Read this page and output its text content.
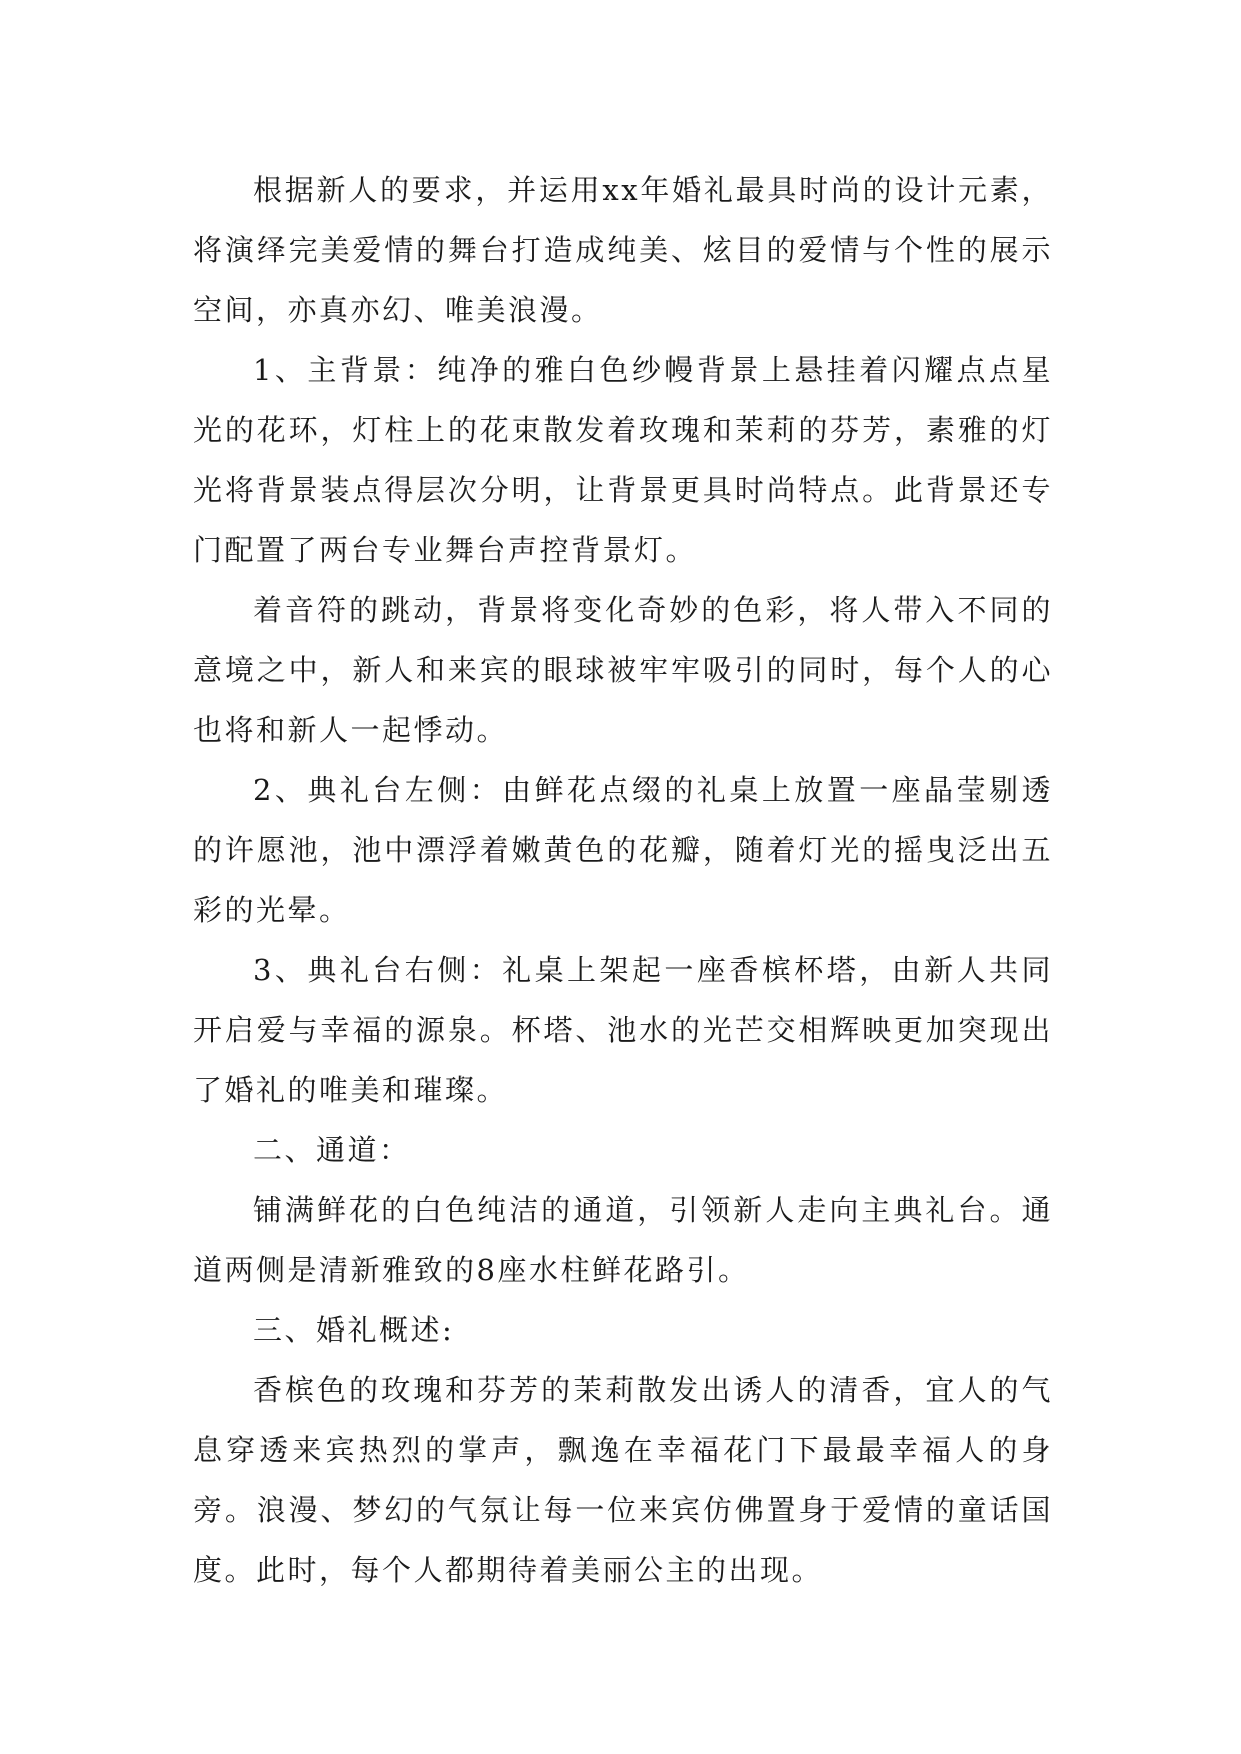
根据新人的要求，并运用xx年婚礼最具时尚的设计元素，将演绎完美爱情的舞台打造成纯美、炫目的爱情与个性的展示空间，亦真亦幻、唯美浪漫。

1、主背景：纯净的雅白色纱幔背景上悬挂着闪耀点点星光的花环，灯柱上的花束散发着玫瑰和茉莉的芬芳，素雅的灯光将背景装点得层次分明，让背景更具时尚特点。此背景还专门配置了两台专业舞台声控背景灯。

着音符的跳动，背景将变化奇妙的色彩，将人带入不同的意境之中，新人和来宾的眼球被牢牢吸引的同时，每个人的心也将和新人一起悸动。

2、典礼台左侧：由鲜花点缀的礼桌上放置一座晶莹剔透的许愿池，池中漂浮着嫩黄色的花瓣，随着灯光的摇曳泛出五彩的光晕。

3、典礼台右侧：礼桌上架起一座香槟杯塔，由新人共同开启爱与幸福的源泉。杯塔、池水的光芒交相辉映更加突现出了婚礼的唯美和璀璨。

二、通道：

铺满鲜花的白色纯洁的通道，引领新人走向主典礼台。通道两侧是清新雅致的8座水柱鲜花路引。

三、婚礼概述:

香槟色的玫瑰和芬芳的茉莉散发出诱人的清香，宜人的气息穿透来宾热烈的掌声，飘逸在幸福花门下最最幸福人的身旁。浪漫、梦幻的气氛让每一位来宾仿佛置身于爱情的童话国度。此时，每个人都期待着美丽公主的出现。
